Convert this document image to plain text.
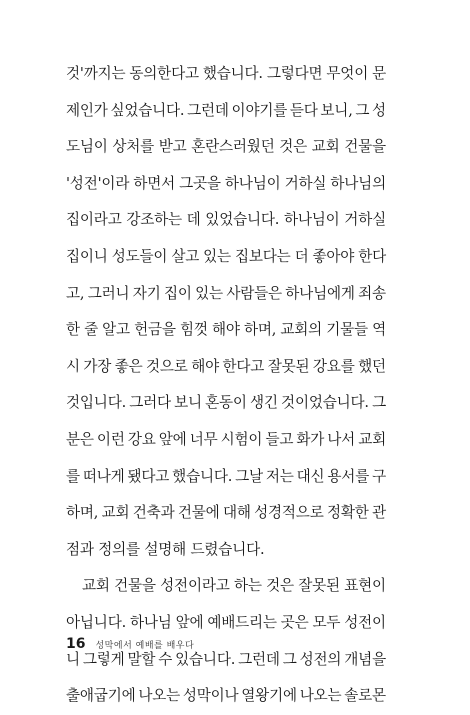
것'까지는 동의한다고 했습니다. 그렇다면 무엇이 문
제인가 싶었습니다. 그런데 이야기를 듣다 보니, 그 성
도님이 상처를 받고 혼란스러웠던 것은 교회 건물을
'성전'이라 하면서 그곳을 하나님이 거하실 하나님의
집이라고 강조하는 데 있었습니다. 하나님이 거하실
집이니 성도들이 살고 있는 집보다는 더 좋아야 한다
고, 그러니 자기 집이 있는 사람들은 하나님에게 죄송
한 줄 알고 헌금을 힘껏 해야 하며, 교회의 기물들 역
시 가장 좋은 것으로 해야 한다고 잘못된 강요를 했던
것입니다. 그러다 보니 혼동이 생긴 것이었습니다. 그
분은 이런 강요 앞에 너무 시험이 들고 화가 나서 교회
를 떠나게 됐다고 했습니다. 그날 저는 대신 용서를 구
하며, 교회 건축과 건물에 대해 성경적으로 정확한 관
점과 정의를 설명해 드렸습니다.
교회 건물을 성전이라고 하는 것은 잘못된 표현이
아닙니다. 하나님 앞에 예배드리는 곳은 모두 성전이
니 그렇게 말할 수 있습니다. 그런데 그 성전의 개념을
출애굽기에 나오는 성막이나 열왕기에 나오는 솔로몬
16 성막에서 예배를 배우다
